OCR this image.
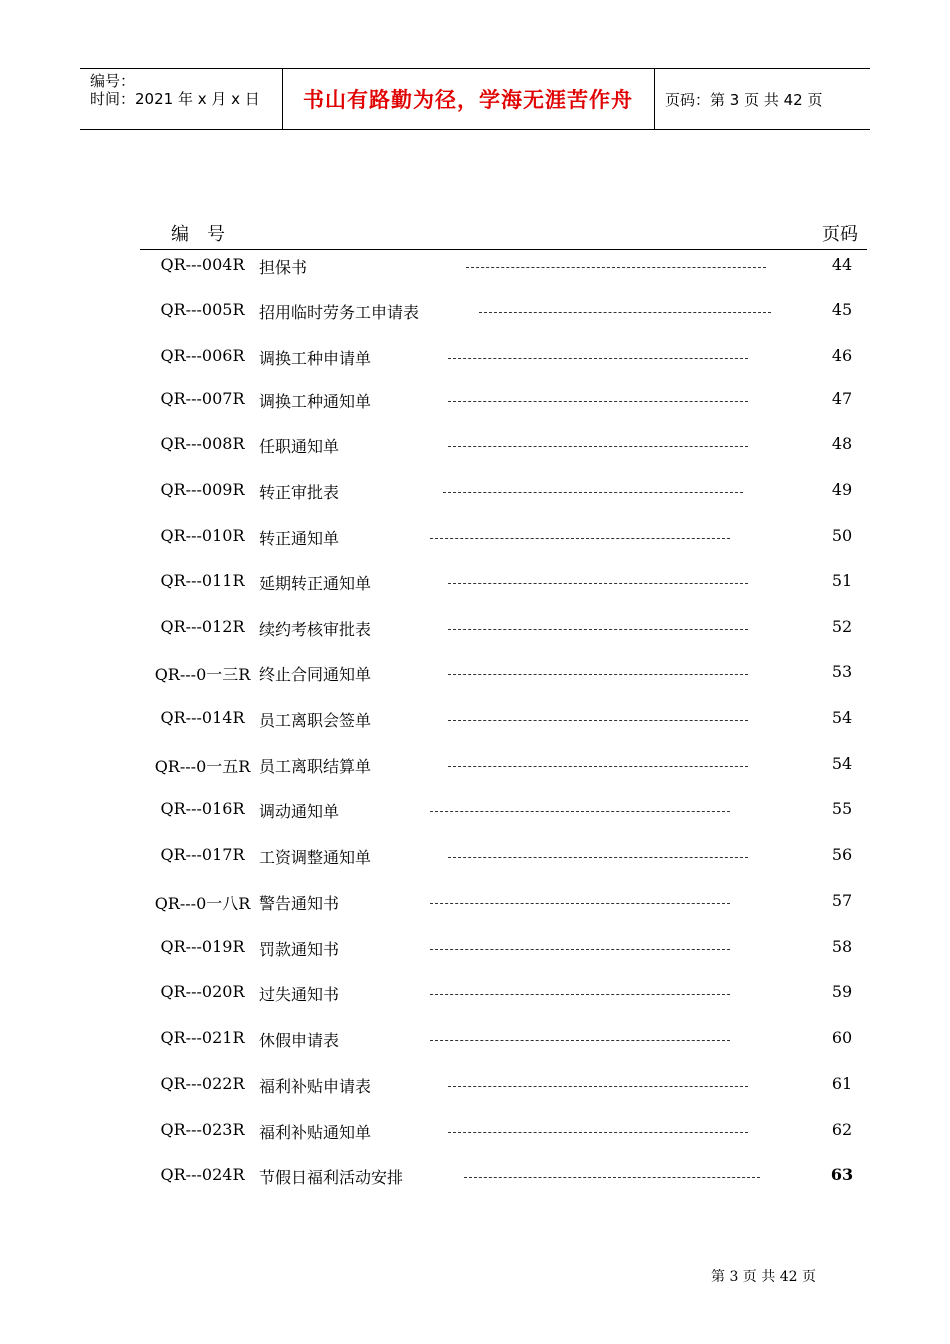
编号：
时间：2021 年 x 月 x 日	书山有路勤为径，学海无涯苦作舟	页码：第 3 页 共 42 页
编　号	页码
QR---004R 担保书	44
QR---005R 招用临时劳务工申请表	45
QR---006R 调换工种申请单	46
QR---007R 调换工种通知单	47
QR---008R 任职通知单	48
QR---009R 转正审批表	49
QR---010R 转正通知单	50
QR---011R 延期转正通知单	51
QR---012R 续约考核审批表	52
QR---0一三R 终止合同通知单	53
QR---014R 员工离职会签单	54
QR---0一五R 员工离职结算单	54
QR---016R 调动通知单	55
QR---017R 工资调整通知单	56
QR---0一八R 警告通知书	57
QR---019R 罚款通知书	58
QR---020R 过失通知书	59
QR---021R 休假申请表	60
QR---022R 福利补贴申请表	61
QR---023R 福利补贴通知单	62
QR---024R 节假日福利活动安排	63
第 3 页 共 42 页
